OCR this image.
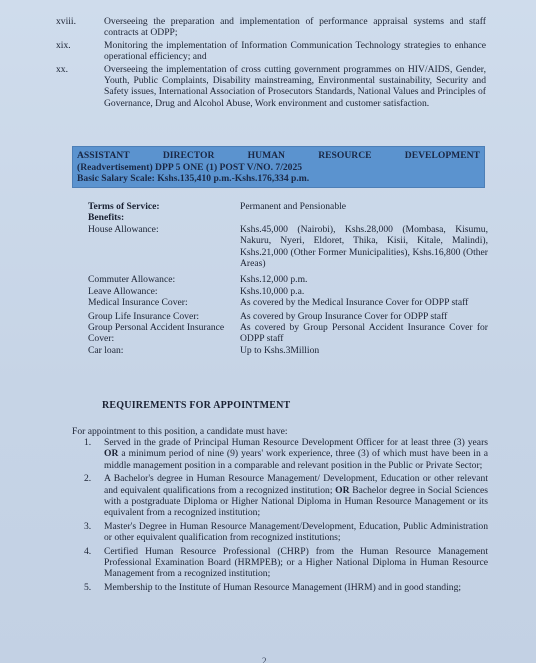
xviii.	Overseeing the preparation and implementation of performance appraisal systems and staff contracts at ODPP;
xix.	Monitoring the implementation of Information Communication Technology strategies to enhance operational efficiency; and
xx.	Overseeing the implementation of cross cutting government programmes on HIV/AIDS, Gender, Youth, Public Complaints, Disability mainstreaming, Environmental sustainability, Security and Safety issues, International Association of Prosecutors Standards, National Values and Principles of Governance, Drug and Alcohol Abuse, Work environment and customer satisfaction.
ASSISTANT	DIRECTOR	HUMAN	RESOURCE	DEVELOPMENT
(Readvertisement) DPP 5 ONE (1) POST V/NO. 7/2025
Basic Salary Scale: Kshs.135,410 p.m.-Kshs.176,334 p.m.
Terms of Service:	Permanent and Pensionable
Benefits:
House Allowance:	Kshs.45,000 (Nairobi), Kshs.28,000 (Mombasa, Kisumu, Nakuru, Nyeri, Eldoret, Thika, Kisii, Kitale, Malindi), Kshs.21,000 (Other Former Municipalities), Kshs.16,800 (Other Areas)
Commuter Allowance:	Kshs.12,000 p.m.
Leave Allowance:	Kshs.10,000 p.a.
Medical Insurance Cover:	As covered by the Medical Insurance Cover for ODPP staff
Group Life Insurance Cover:	As covered by Group Insurance Cover for ODPP staff
Group Personal Accident Insurance Cover:
As covered by Group Personal Accident Insurance Cover for ODPP staff
Car loan:	Up to Kshs.3Million
REQUIREMENTS FOR APPOINTMENT
For appointment to this position, a candidate must have:
1.	Served in the grade of Principal Human Resource Development Officer for at least three (3) years OR a minimum period of nine (9) years' work experience, three (3) of which must have been in a middle management position in a comparable and relevant position in the Public or Private Sector;
2.	A Bachelor's degree in Human Resource Management/ Development, Education or other relevant and equivalent qualifications from a recognized institution; OR Bachelor degree in Social Sciences with a postgraduate Diploma or Higher National Diploma in Human Resource Management or its equivalent from a recognized institution;
3.	Master's Degree in Human Resource Management/Development, Education, Public Administration or other equivalent qualification from recognized institutions;
4.	Certified Human Resource Professional (CHRP) from the Human Resource Management Professional Examination Board (HRMPEB); or a Higher National Diploma in Human Resource Management from a recognized institution;
5.	Membership to the Institute of Human Resource Management (IHRM) and in good standing;
2
